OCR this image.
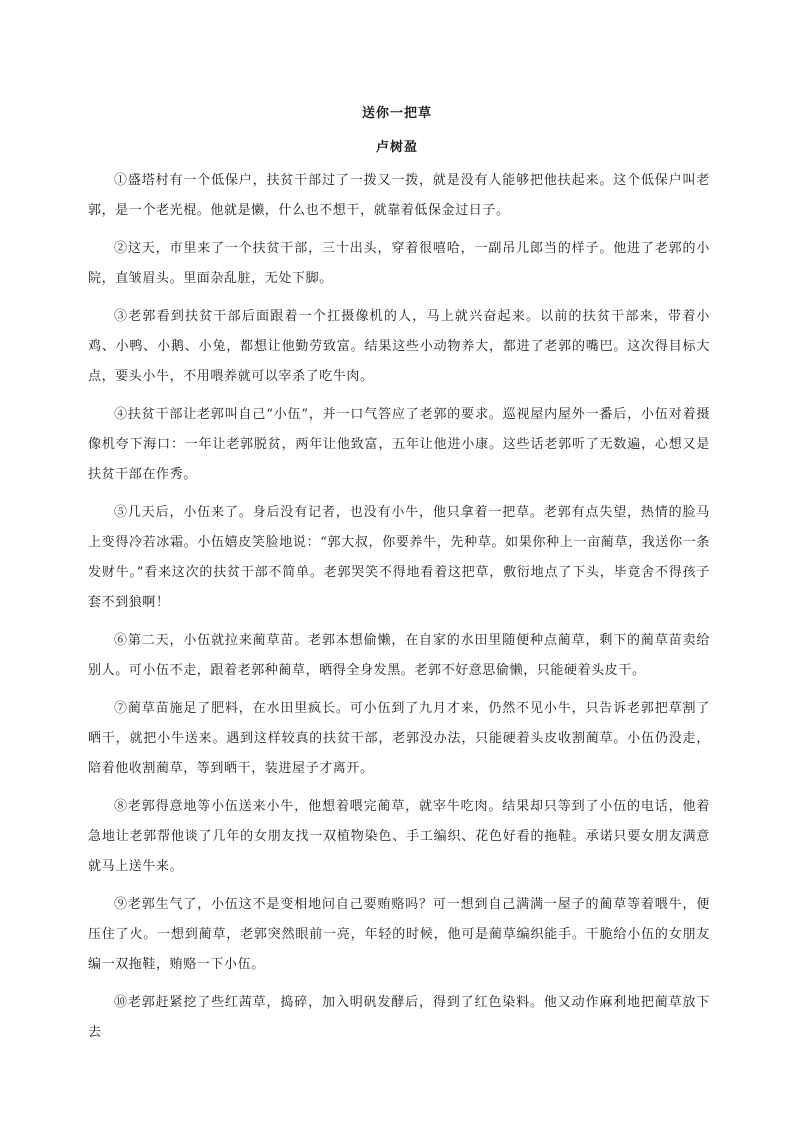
送你一把草
卢树盈

①盛塔村有一个低保户，扶贫干部过了一拨又一拨，就是没有人能够把他扶起来。这个低保户叫老郭，是一个老光棍。他就是懒，什么也不想干，就靠着低保金过日子。

②这天，市里来了一个扶贫干部，三十出头，穿着很嘻哈，一副吊儿郎当的样子。他进了老郭的小院，直皱眉头。里面杂乱脏，无处下脚。

③老郭看到扶贫干部后面跟着一个扛摄像机的人，马上就兴奋起来。以前的扶贫干部来，带着小鸡、小鸭、小鹅、小兔，都想让他勤劳致富。结果这些小动物养大，都进了老郭的嘴巴。这次得目标大点，要头小牛，不用喂养就可以宰杀了吃牛肉。

④扶贫干部让老郭叫自己“小伍”，并一口气答应了老郭的要求。巡视屋内屋外一番后，小伍对着摄像机夸下海口：一年让老郭脱贫，两年让他致富，五年让他进小康。这些话老郭听了无数遍，心想又是扶贫干部在作秀。

⑤几天后，小伍来了。身后没有记者，也没有小牛，他只拿着一把草。老郭有点失望，热情的脸马上变得冷若冰霜。小伍嬉皮笑脸地说：“郭大叔，你要养牛，先种草。如果你种上一亩蔺草，我送你一条发财牛。”看来这次的扶贫干部不简单。老郭哭笑不得地看着这把草，敷衍地点了下头，毕竟舍不得孩子套不到狼啊！

⑥第二天，小伍就拉来蔺草苗。老郭本想偷懒，在自家的水田里随便种点蔺草，剩下的蔺草苗卖给别人。可小伍不走，跟着老郭种蔺草，晒得全身发黑。老郭不好意思偷懒，只能硬着头皮干。

⑦蔺草苗施足了肥料，在水田里疯长。可小伍到了九月才来，仍然不见小牛，只告诉老郭把草割了晒干，就把小牛送来。遇到这样较真的扶贫干部，老郭没办法，只能硬着头皮收割蔺草。小伍仍没走，陪着他收割蔺草，等到晒干，装进屋子才离开。

⑧老郭得意地等小伍送来小牛，他想着喂完蔺草，就宰牛吃肉。结果却只等到了小伍的电话，他着急地让老郭帮他谈了几年的女朋友找一双植物染色、手工编织、花色好看的拖鞋。承诺只要女朋友满意就马上送牛来。

⑨老郭生气了，小伍这不是变相地问自己要贿赂吗？可一想到自己满满一屋子的蔺草等着喂牛，便压住了火。一想到蔺草，老郭突然眼前一亮，年轻的时候，他可是蔺草编织能手。干脆给小伍的女朋友编一双拖鞋，贿赂一下小伍。

⑩老郭赶紧挖了些红茜草，捣碎，加入明矾发酵后，得到了红色染料。他又动作麻利地把蔺草放下去
